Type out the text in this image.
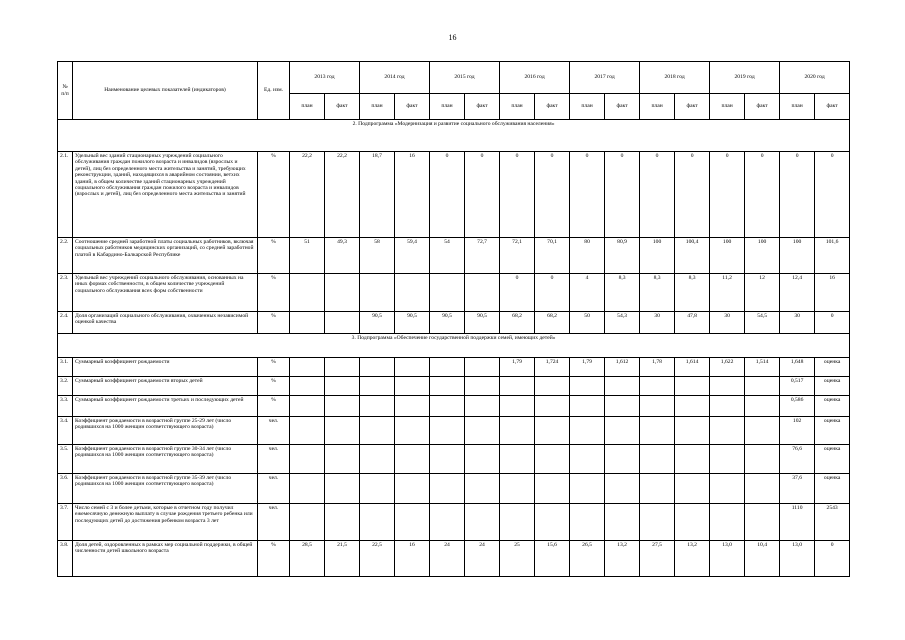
16
№ п/п	Наименование целевых показателей (индикаторов)	Ед. изм.	2013 год		2014 год		2015 год		2016 год		2017 год		2018 год		2019 год		2020 год	
			план	факт	план	факт	план	факт	план	факт	план	факт	план	факт	план	факт	план	факт
2. Подпрограмма «Модернизация и развитие социального обслуживания населения»																		
2.1.	Удельный вес зданий стационарных учреждений социального обслуживания граждан пожилого возраста и инвалидов (взрослых и детей), лиц без определенного места жительства и занятий, требующих реконструкции, зданий, находящихся в аварийном состоянии, ветхих зданий, в общем количестве зданий стационарных учреждений социального обслуживания граждан пожилого возраста и инвалидов (взрослых и детей), лиц без определенного места жительства и занятий	%	22,2	22,2	18,7	16	0	0	0	0	0	0	0	0	0	0	0	0
2.2.	Соотношение средней заработной платы социальных работников, включая социальных работников медицинских организаций, со средней заработной платой в Кабардино-Балкарской Республике	%	51	49,3	58	59,4	54	72,7	72,1	70,1	80	80,9	100	100,4	100	100	100	101,6
2.3.	Удельный вес учреждений социального обслуживания, основанных на иных формах собственности, в общем количестве учреждений социального обслуживания всех форм собственности	%							0	0	4	8,3	8,3	8,3	11,2	12	12,4	16
2.4.	Доля организаций социального обслуживания, охваченных независимой оценкой качества	%			90,5	90,5	90,5	90,5	68,2	68,2	50	54,3	30	47,8	30	54,5	30	0
3. Подпрограмма «Обеспечение государственной поддержки семей, имеющих детей»																		
3.1.	Суммарный коэффициент рождаемости	%							1,79	1,724	1,79	1,612	1,78	1,614	1,622	1,514	1,648	оценка
3.2.	Суммарный коэффициент рождаемости вторых детей	%															0,517	оценка
3.3.	Суммарный коэффициент рождаемости третьих и последующих детей	%															0,586	оценка
3.4.	Коэффициент рождаемости в возрастной группе 25-29 лет (число родившихся на 1000 женщин соответствующего возраста)	чел.															102	оценка
3.5.	Коэффициент рождаемости в возрастной группе 30-34 лет (число родившихся на 1000 женщин соответствующего возраста)	чел.															76,6	оценка
3.6.	Коэффициент рождаемости в возрастной группе 35-39 лет (число родившихся на 1000 женщин соответствующего возраста)	чел.															37,6	оценка
3.7.	Число семей с 3 и более детьми, которые в отчетном году получил ежемесячную денежную выплату в случае рождения третьего ребенка или последующих детей до достижения ребенком возраста 3 лет	чел.															1110	2543
3.8.	Доля детей, оздоровленных в рамках мер социальной поддержки, в общей численности детей школьного возраста	%	28,5	21,5	22,5	16	24	24	25	15,6	26,5	13,2	27,5	13,2	13,0	10,4	13,0	0
